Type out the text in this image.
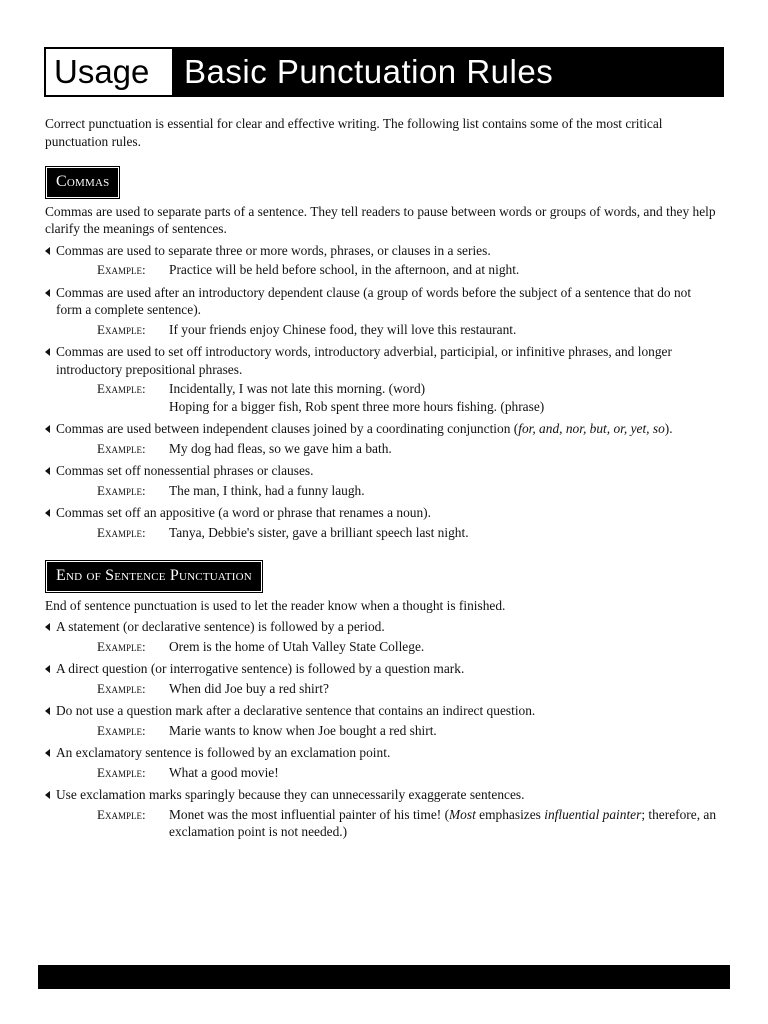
Usage	Basic Punctuation Rules

Correct punctuation is essential for clear and effective writing. The following list contains some of the most critical punctuation rules.

Commas

Commas are used to separate parts of a sentence. They tell readers to pause between words or groups of words, and they help clarify the meanings of sentences.

Commas are used to separate three or more words, phrases, or clauses in a series.
Example:	Practice will be held before school, in the afternoon, and at night.
Commas are used after an introductory dependent clause (a group of words before the subject of a sentence that do not form a complete sentence).
Example:	If your friends enjoy Chinese food, they will love this restaurant.
Commas are used to set off introductory words, introductory adverbial, participial, or infinitive phrases, and longer introductory prepositional phrases.
Example:	Incidentally, I was not late this morning. (word)
Hoping for a bigger fish, Rob spent three more hours fishing. (phrase)
Commas are used between independent clauses joined by a coordinating conjunction (for, and, nor, but, or, yet, so).
Example:	My dog had fleas, so we gave him a bath.
Commas set off nonessential phrases or clauses.
Example:	The man, I think, had a funny laugh.
Commas set off an appositive (a word or phrase that renames a noun).
Example:	Tanya, Debbie's sister, gave a brilliant speech last night.
End of Sentence Punctuation

End of sentence punctuation is used to let the reader know when a thought is finished.

A statement (or declarative sentence) is followed by a period.
Example:	Orem is the home of Utah Valley State College.
A direct question (or interrogative sentence) is followed by a question mark.
Example:	When did Joe buy a red shirt?
Do not use a question mark after a declarative sentence that contains an indirect question.
Example:	Marie wants to know when Joe bought a red shirt.
An exclamatory sentence is followed by an exclamation point.
Example:	What a good movie!
Use exclamation marks sparingly because they can unnecessarily exaggerate sentences.
Example:	Monet was the most influential painter of his time! (Most emphasizes influential painter; therefore, an exclamation point is not needed.)
